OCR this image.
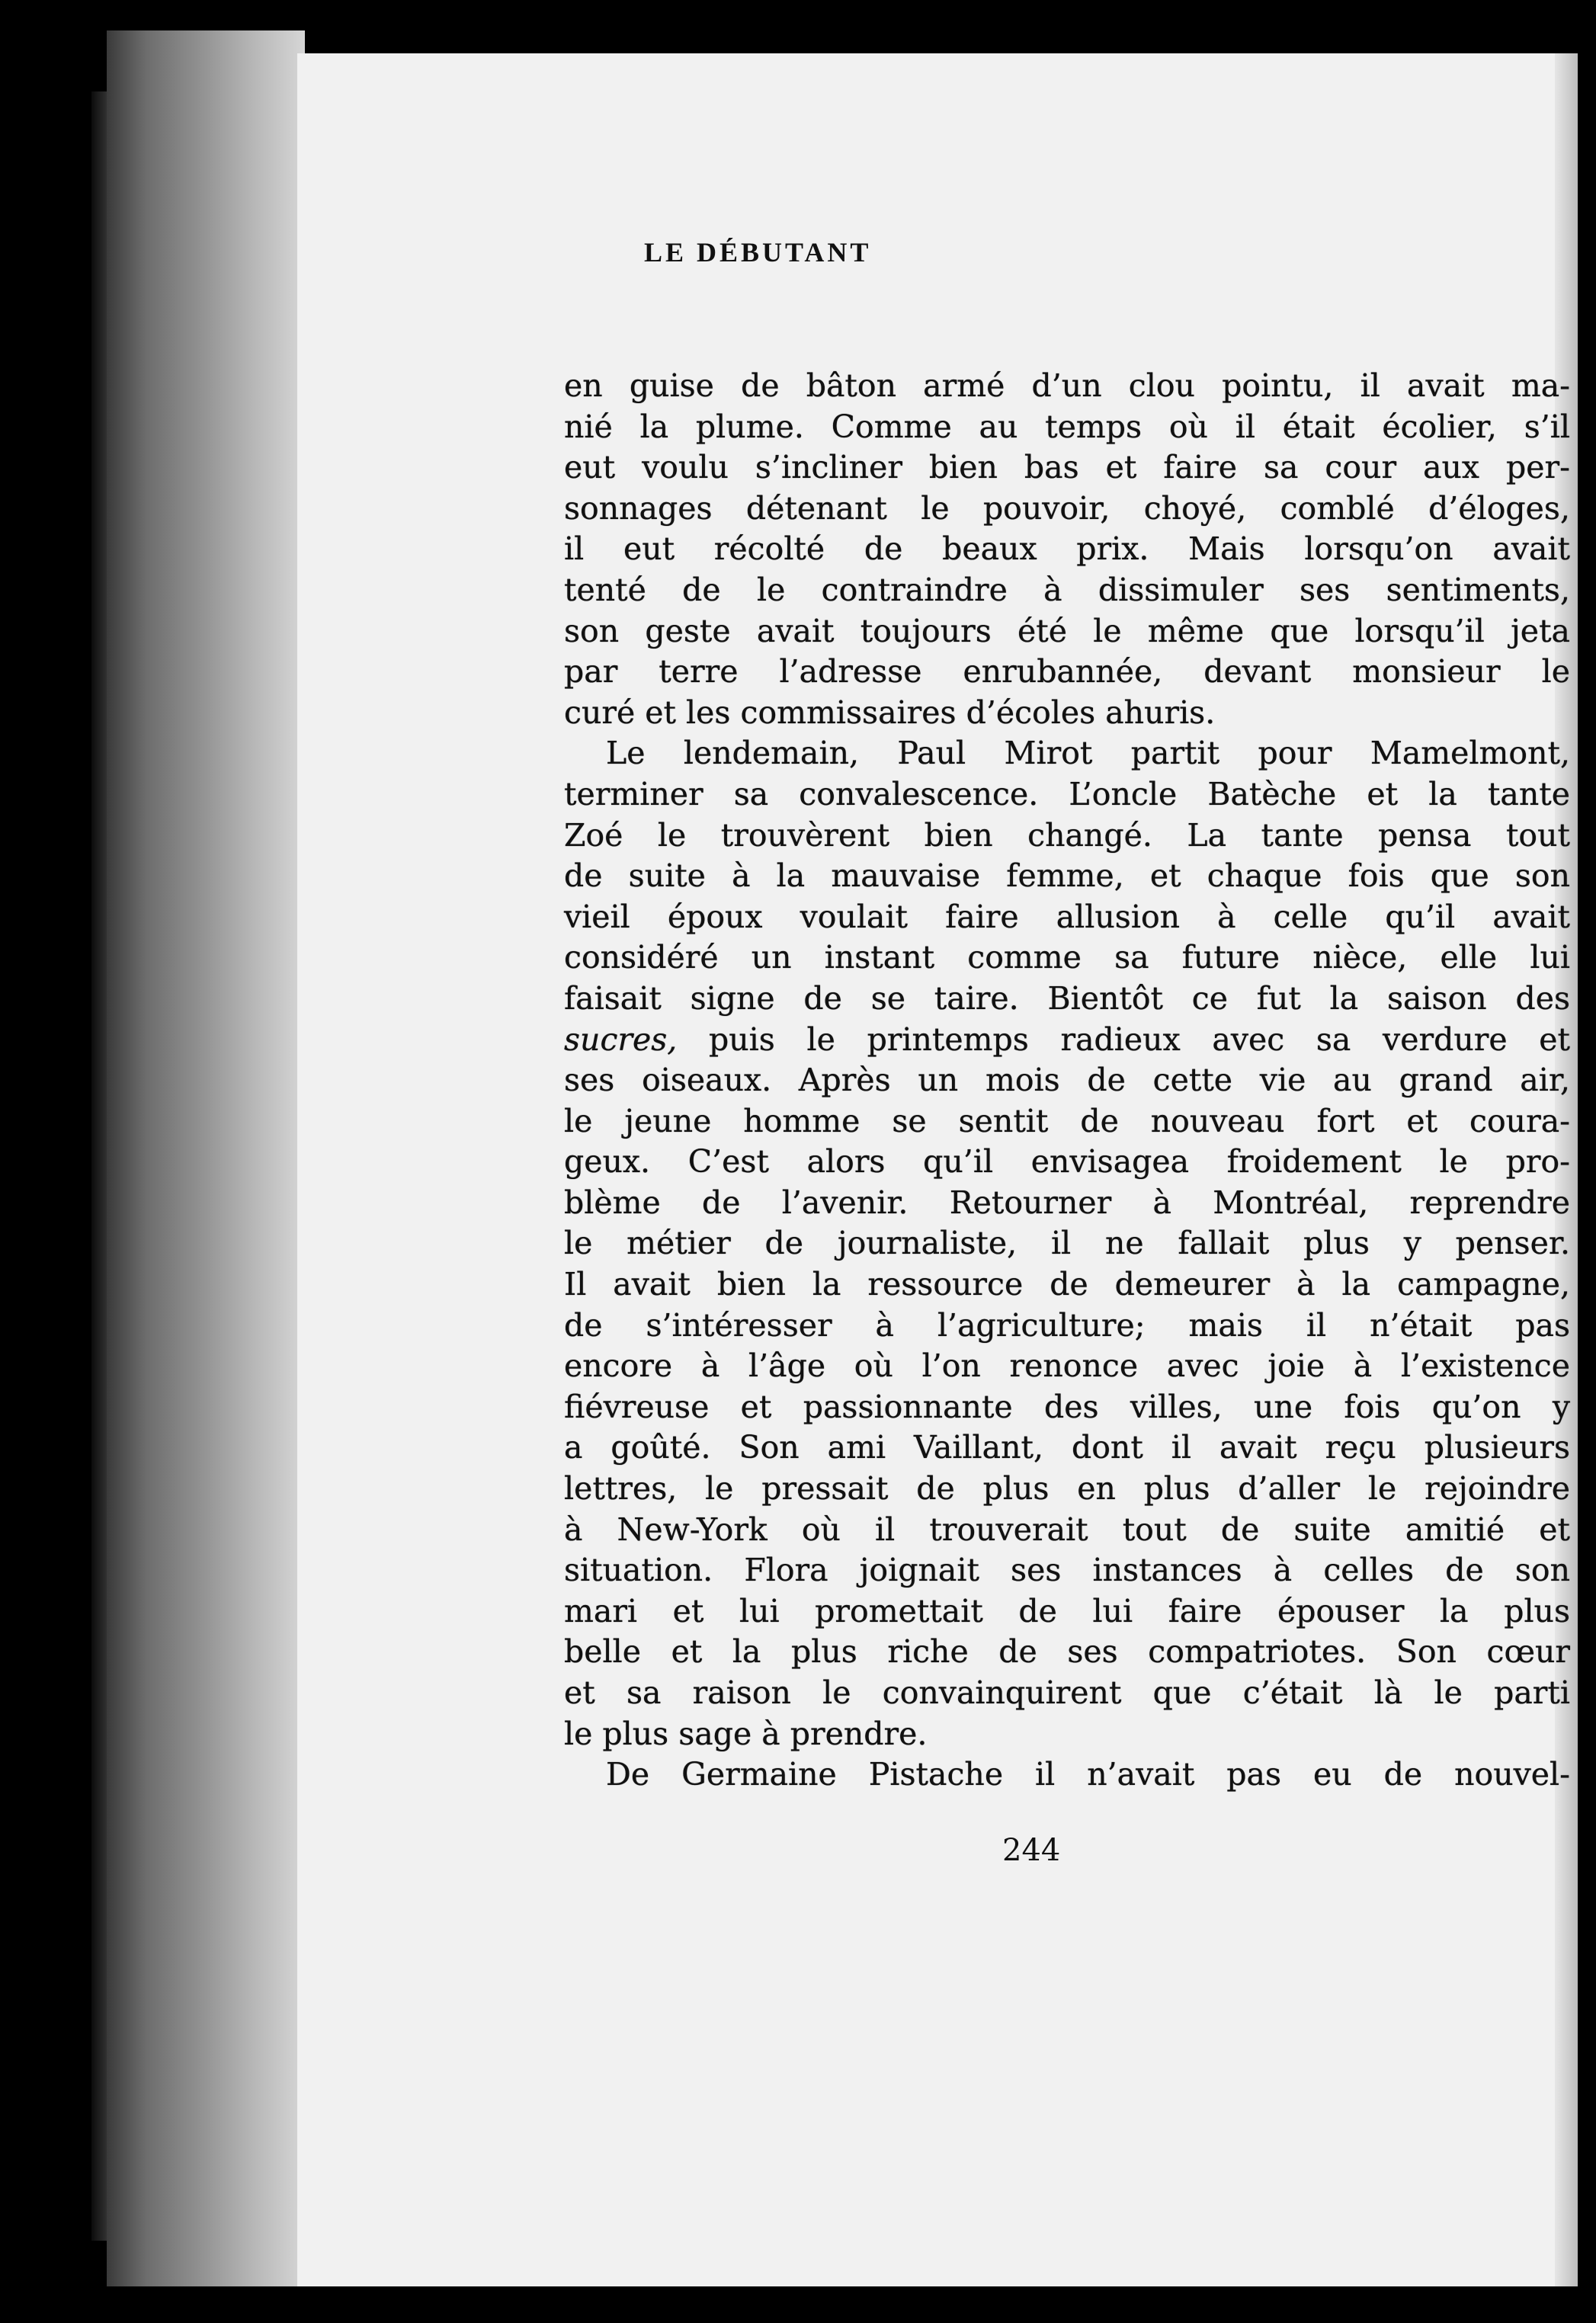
LE DÉBUTANT
en guise de bâton armé d’un clou pointu, il avait ma-
nié la plume. Comme au temps où il était écolier, s’il
eut voulu s’incliner bien bas et faire sa cour aux per-
sonnages détenant le pouvoir, choyé, comblé d’éloges,
il eut récolté de beaux prix. Mais lorsqu’on avait
tenté de le contraindre à dissimuler ses sentiments,
son geste avait toujours été le même que lorsqu’il jeta
par terre l’adresse enrubannée, devant monsieur le
curé et les commissaires d’écoles ahuris.
Le lendemain, Paul Mirot partit pour Mamelmont,
terminer sa convalescence. L’oncle Batèche et la tante
Zoé le trouvèrent bien changé. La tante pensa tout
de suite à la mauvaise femme, et chaque fois que son
vieil époux voulait faire allusion à celle qu’il avait
considéré un instant comme sa future nièce, elle lui
faisait signe de se taire. Bientôt ce fut la saison des
sucres, puis le printemps radieux avec sa verdure et
ses oiseaux. Après un mois de cette vie au grand air,
le jeune homme se sentit de nouveau fort et coura-
geux. C’est alors qu’il envisagea froidement le pro-
blème de l’avenir. Retourner à Montréal, reprendre
le métier de journaliste, il ne fallait plus y penser.
Il avait bien la ressource de demeurer à la campagne,
de s’intéresser à l’agriculture; mais il n’était pas
encore à l’âge où l’on renonce avec joie à l’existence
fiévreuse et passionnante des villes, une fois qu’on y
a goûté. Son ami Vaillant, dont il avait reçu plusieurs
lettres, le pressait de plus en plus d’aller le rejoindre
à New-York où il trouverait tout de suite amitié et
situation. Flora joignait ses instances à celles de son
mari et lui promettait de lui faire épouser la plus
belle et la plus riche de ses compatriotes. Son cœur
et sa raison le convainquirent que c’était là le parti
le plus sage à prendre.
De Germaine Pistache il n’avait pas eu de nouvel-
244
